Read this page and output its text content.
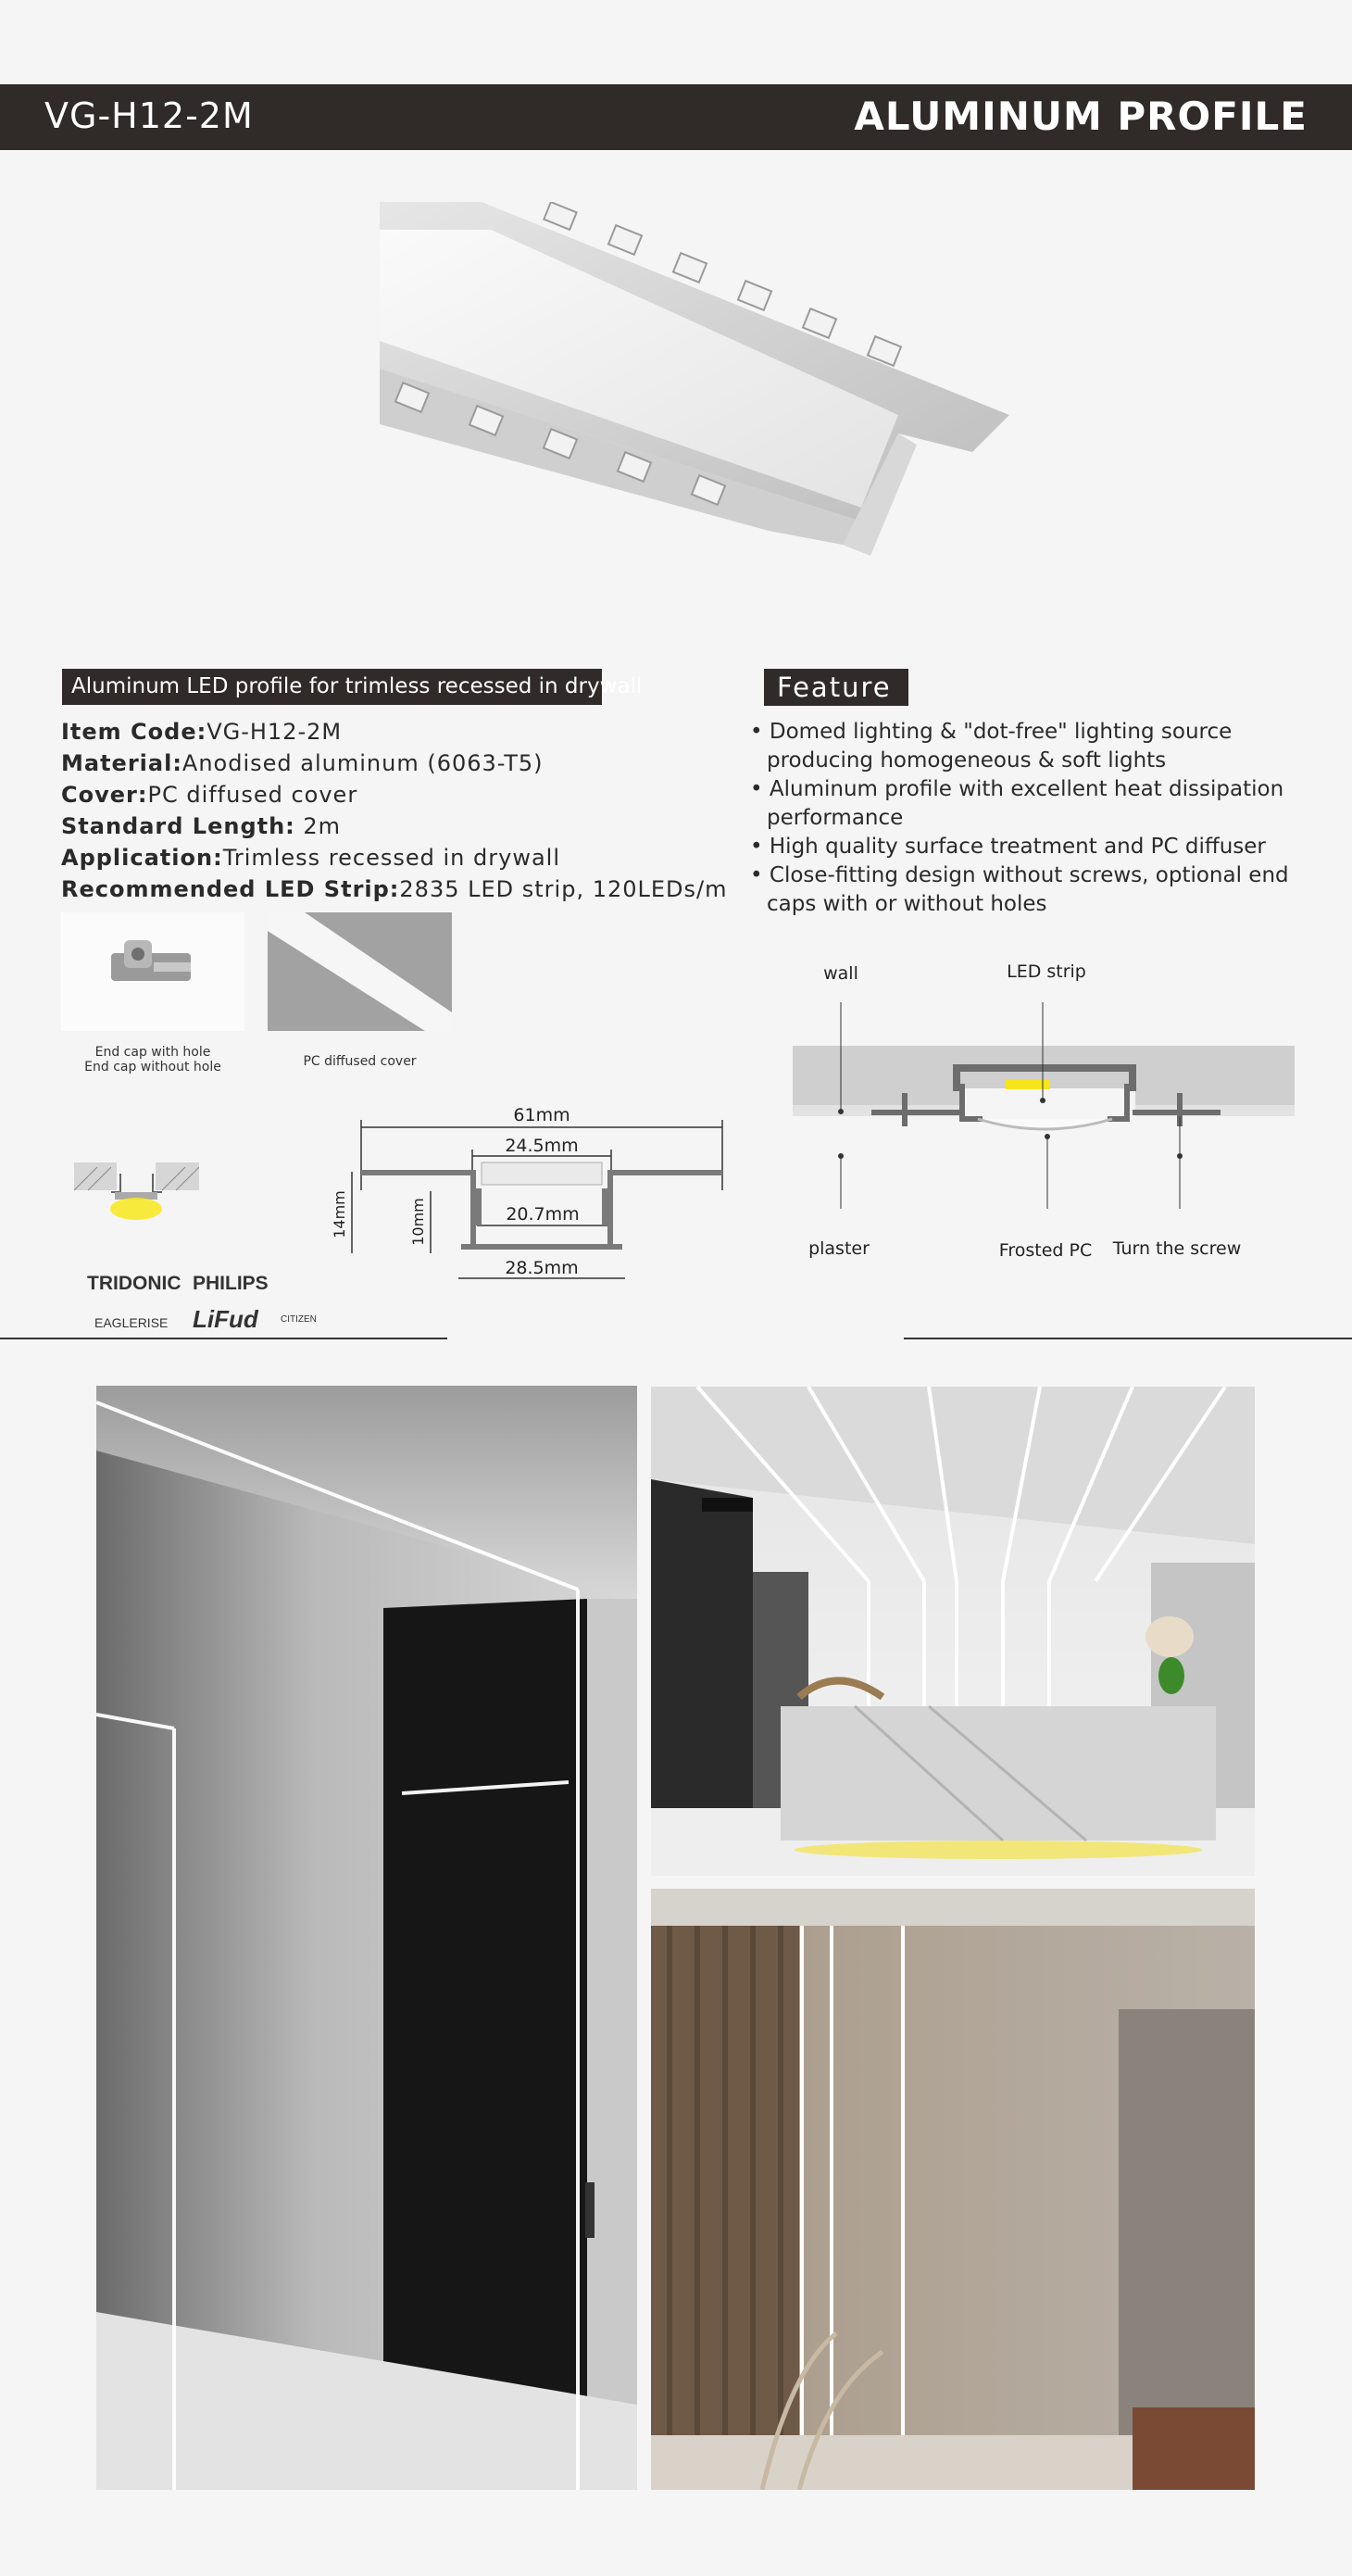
VG-H12-2M	ALUMINUM PROFILE
Aluminum LED profile for trimless recessed in drywall
Item Code:VG-H12-2M
Material:Anodised aluminum (6063-T5)
Cover:PC diffused cover
Standard Length: 2m
Application:Trimless recessed in drywall
Recommended LED Strip:2835 LED strip, 120LEDs/m
End cap with hole
End cap without hole	PC diffused cover
61mm
24.5mm
20.7mm
28.5mm
14mm	10mm
TRIDONIC PHILIPS
EAGLERISE LiFud CITIZEN
Feature
• Domed lighting & "dot-free" lighting source producing homogeneous & soft lights
• Aluminum profile with excellent heat dissipation performance
• High quality surface treatment and PC diffuser
• Close-fitting design without screws, optional end caps with or without holes
wall	LED strip
plaster	Frosted PC Turn the screw
